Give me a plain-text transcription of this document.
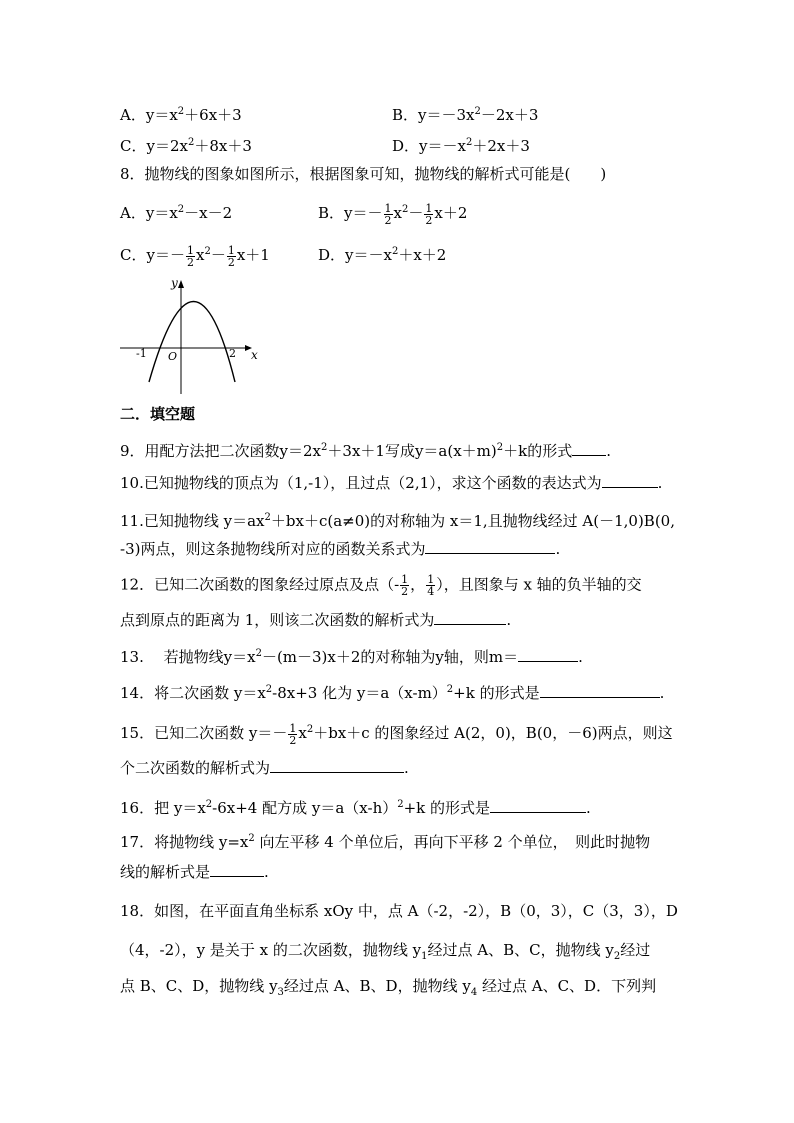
A．$y=x^2+6x+3$	B．$y=-3x^2-2x+3$
C．$y=2x^2+8x+3$	D．$y=-x^2+2x+3$
8．抛物线的图象如图所示，根据图象可知，抛物线的解析式可能是(　　)
A．$y=x^2-x-2$	B．$y=- \frac{1}{2} x^2- \frac{1}{2} x+2$
C．$y=- \frac{1}{2} x^2- \frac{1}{2} x+1$	D．$y=-x^2+x+2$
y
x
O
-1	2
二．填空题
9．用配方法把二次函数$y=2x^2+3x+1$写成$y=a(x+m)^2+k$的形式 .
10.已知抛物线的顶点为（1,-1），且过点（2,1），求这个函数的表达式为	.
11.已知抛物线 $y=ax^2+bx+c(a\ne 0)$的对称轴为 x＝1,且抛物线经过 A(－1,0)B(0,
-3)两点，则这条抛物线所对应的函数关系式为	.
12．已知二次函数的图象经过原点及点（- $\frac{1}{2}$ ， $\frac{1}{4}$ ），且图象与 x 轴的负半轴的交
点到原点的距离为 1，则该二次函数的解析式为	.
13.　 若抛物线$y=x^2-(m-3)x+2$的对称轴为y轴，则m＝	.
14．将二次函数 $y=x^2-8x+3$ 化为 $y=a(x-m)^2+k$ 的形式是	.
15．已知二次函数 $y=- \frac{1}{2} x^2+bx+c$ 的图象经过 A(2，0)，B(0，－6)两点，则这
个二次函数的解析式为	.
16．把 $y=x^2-6x+4$ 配方成 $y=a(x-h)^2+k$ 的形式是	.
17．将抛物线 $y=x^2$ 向左平移 4 个单位后，再向下平移 2 个单位，　则此时抛物
线的解析式是	.
18．如图，在平面直角坐标系 xOy 中，点 A（-2，-2），B（0，3），C（3，3），D
（4，-2），y 是关于 x 的二次函数，抛物线 $y_1$经过点 A、B、C，抛物线 $y_2$经过
点 B、C、D，抛物线 $y_3$经过点 A、B、D，抛物线 $y_4$ 经过点 A、C、D．下列判
